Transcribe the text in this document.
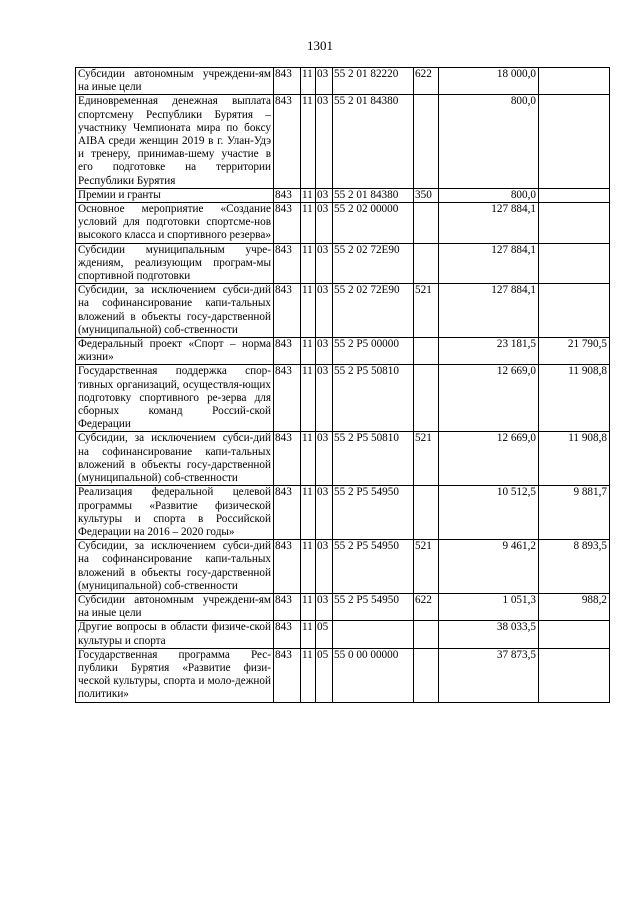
1301
Субсидии автономным учреждени-ям на иные цели	843	11	03	55 2 01 82220	622	18 000,0	
Единовременная денежная выплата спортсмену Республики Бурятия – участнику Чемпионата мира по боксу AIBA среди женщин 2019 в г. Улан-Удэ и тренеру, принимав-шему участие в его подготовке на территории Республики Бурятия	843	11	03	55 2 01 84380		800,0	
Премии и гранты	843	11	03	55 2 01 84380	350	800,0	
Основное мероприятие «Создание условий для подготовки спортсме-нов высокого класса и спортивного резерва»	843	11	03	55 2 02 00000		127 884,1	
Субсидии муниципальным учре-ждениям, реализующим програм-мы спортивной подготовки	843	11	03	55 2 02 72Е90		127 884,1	
Субсидии, за исключением субси-дий на софинансирование капи-тальных вложений в объекты госу-дарственной (муниципальной) соб-ственности	843	11	03	55 2 02 72Е90	521	127 884,1	
Федеральный проект «Спорт – норма жизни»	843	11	03	55 2 P5 00000		23 181,5	21 790,5
Государственная поддержка спор-тивных организаций, осуществля-ющих подготовку спортивного ре-зерва для сборных команд Россий-ской Федерации	843	11	03	55 2 P5 50810		12 669,0	11 908,8
Субсидии, за исключением субси-дий на софинансирование капи-тальных вложений в объекты госу-дарственной (муниципальной) соб-ственности	843	11	03	55 2 P5 50810	521	12 669,0	11 908,8
Реализация федеральной целевой программы «Развитие физической культуры и спорта в Российской Федерации на 2016 – 2020 годы»	843	11	03	55 2 P5 54950		10 512,5	9 881,7
Субсидии, за исключением субси-дий на софинансирование капи-тальных вложений в объекты госу-дарственной (муниципальной) соб-ственности	843	11	03	55 2 P5 54950	521	9 461,2	8 893,5
Субсидии автономным учреждени-ям на иные цели	843	11	03	55 2 P5 54950	622	1 051,3	988,2
Другие вопросы в области физиче-ской культуры и спорта	843	11	05			38 033,5	
Государственная программа Рес-публики Бурятия «Развитие физи-ческой культуры, спорта и моло-дежной политики»	843	11	05	55 0 00 00000		37 873,5	
